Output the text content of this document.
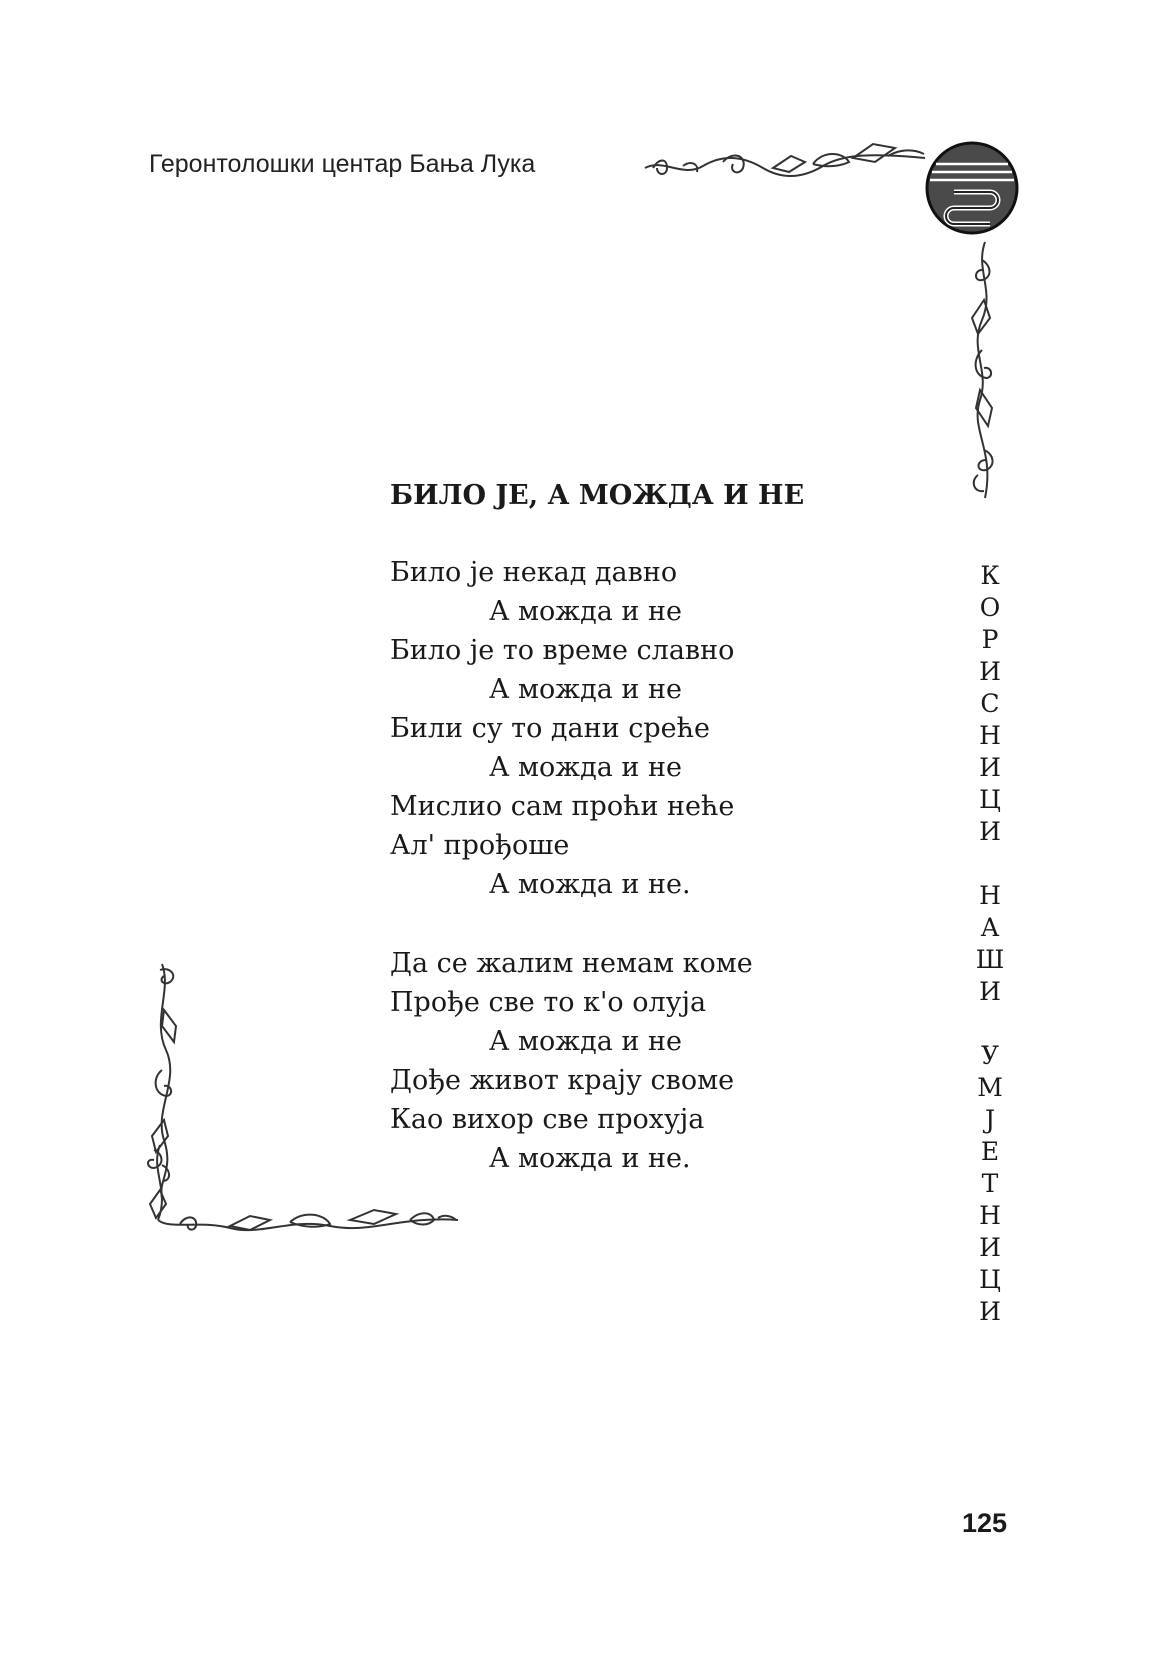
Геронтолошки центар Бања Лука
БИЛО ЈЕ, А МОЖДА И НЕ
Било је некад давно
А можда и не
Било је то време славно
А можда и не
Били су то дани среће
А можда и не
Мислио сам проћи неће
Ал' прођоше
А можда и не.
Да се жалим немам коме
Прође све то к'о олуја
А можда и не
Дође живот крају своме
Као вихор све прохуја
А можда и не.
К
О
Р
И
С
Н
И
Ц
И
Н
А
Ш
И
У
М
Ј
Е
Т
Н
И
Ц
И
125
